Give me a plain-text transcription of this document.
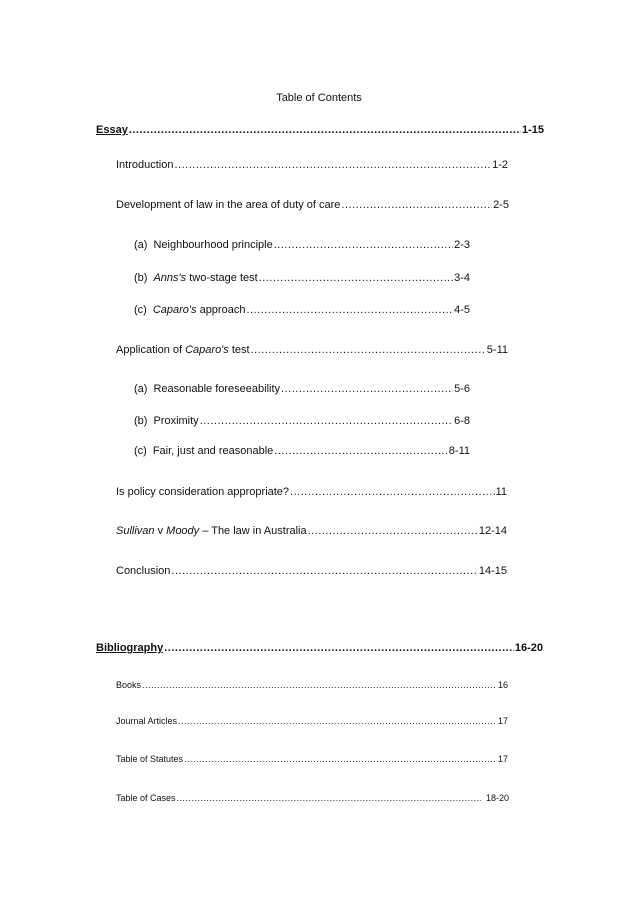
Table of Contents
Essay .....	1-15
Introduction .....	1-2
Development of law in the area of duty of care .....	2-5
(a) Neighbourhood principle .....	2-3
(b) Anns's two-stage test .....	3-4
(c) Caparo's approach .....	4-5
Application of Caparo's test .....	5-11
(a) Reasonable foreseeability .....	5-6
(b) Proximity .....	6-8
(c) Fair, just and reasonable .....	8-11
Is policy consideration appropriate? .....	11
Sullivan v Moody – The law in Australia .....	12-14
Conclusion .....	14-15
Bibliography .....	16-20
Books .....	16
Journal Articles .....	17
Table of Statutes .....	17
Table of Cases .....	18-20
